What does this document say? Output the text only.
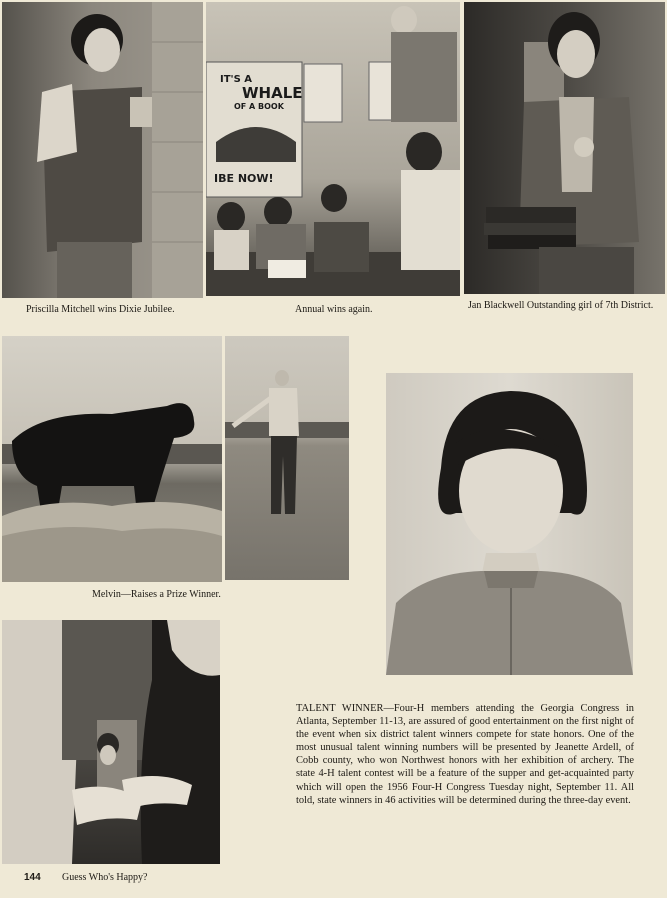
Priscilla Mitchell wins Dixie Jubilee.
IT'S A
WHALE
OF A BOOK
IBE NOW!
Annual wins again.	Jan Blackwell Outstanding girl of 7th District.
Melvin—Raises a Prize Winner.
Guess Who's Happy?
TALENT WINNER—Four-H members attending the Georgia Congress in Atlanta, September 11-13, are assured of good entertainment on the first night of the event when six district talent winners compete for state honors. One of the most unusual talent winning numbers will be presented by Jeanette Ardell, of Cobb county, who won Northwest honors with her exhibition of archery. The state 4-H talent contest will be a feature of the supper and get-acquainted party which will open the 1956 Four-H Congress Tuesday night, September 11. All told, state winners in 46 activities will be determined during the three-day event.
144
